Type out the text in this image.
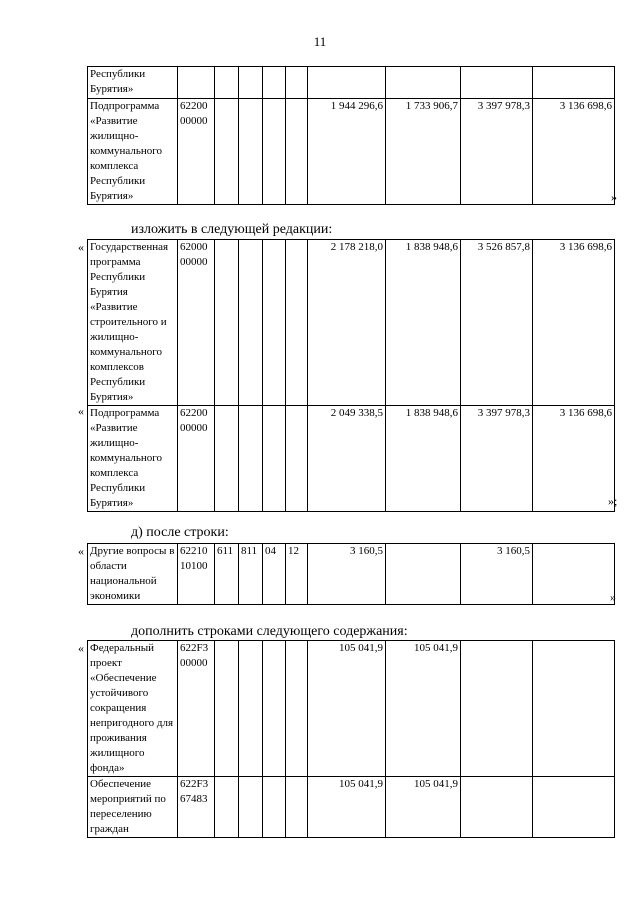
11
Республики Бурятия»									
Подпрограмма «Развитие жилищно-коммунального комплекса Республики Бурятия»	62200 00000					1 944 296,6	1 733 906,7	3 397 978,3	3 136 698,6
»
изложить в следующей редакции:
«
«
Государственная программа Республики Бурятия «Развитие строительного и жилищно-коммунального комплексов Республики Бурятия»	62000 00000					2 178 218,0	1 838 948,6	3 526 857,8	3 136 698,6
Подпрограмма «Развитие жилищно-коммунального комплекса Республики Бурятия»	62200 00000					2 049 338,5	1 838 948,6	3 397 978,3	3 136 698,6
»;
д) после строки:
« Другие вопросы в области национальной экономики	62210 10100	611	811	04	12	3 160,5		3 160,5	
»
дополнить строками следующего содержания:
« Федеральный проект «Обеспечение устойчивого сокращения непригодного для проживания жилищного фонда»	622F3 00000					105 041,9	105 041,9		
Обеспечение мероприятий по переселению граждан	622F3 67483					105 041,9	105 041,9		
